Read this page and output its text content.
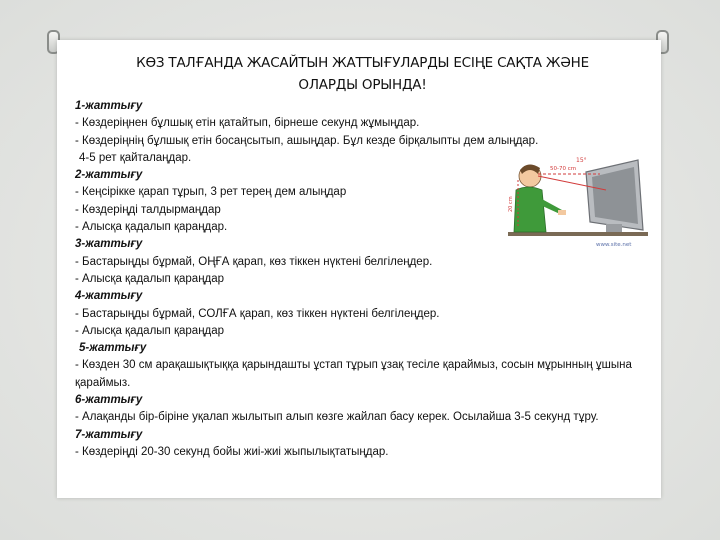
КӨЗ ТАЛҒАНДА ЖАСАЙТЫН ЖАТТЫҒУЛАРДЫ ЕСІҢЕ САҚТА ЖӘНЕ
ОЛАРДЫ ОРЫНДА!
1-жаттығу
- Көздеріңнен бұлшық етін қатайтып, бірнеше секунд жұмыңдар.
- Көздеріңнің бұлшық етін босаңсытып, ашыңдар. Бұл кезде бірқалыпты дем алыңдар.
4-5 рет қайталаңдар.
2-жаттығу
- Кеңсірікке қарап тұрып, 3 рет терең дем алыңдар
- Көздеріңді талдырмаңдар
- Алысқа қадалып қараңдар.
3-жаттығу
- Бастарыңды бұрмай, ОҢҒА қарап, көз тіккен нүктені белгілеңдер.
- Алысқа қадалып қараңдар
4-жаттығу
- Бастарыңды бұрмай, СОЛҒА қарап, көз тіккен нүктені белгілеңдер.
- Алысқа қадалып қараңдар
5-жаттығу
- Көзден 30 см арақашықтыққа қарындашты ұстап тұрып ұзақ тесіле қараймыз, сосын мұрынның ұшына қараймыз.
6-жаттығу
- Алақанды бір-біріне уқалап жылытып алып көзге жайлап басу керек. Осылайша 3-5 секунд тұру.
7-жаттығу
- Көздеріңді 20-30 секунд бойы жиі-жиі жыпылықтатыңдар.
15°
50-70 cm
20 cm
www.site.net
